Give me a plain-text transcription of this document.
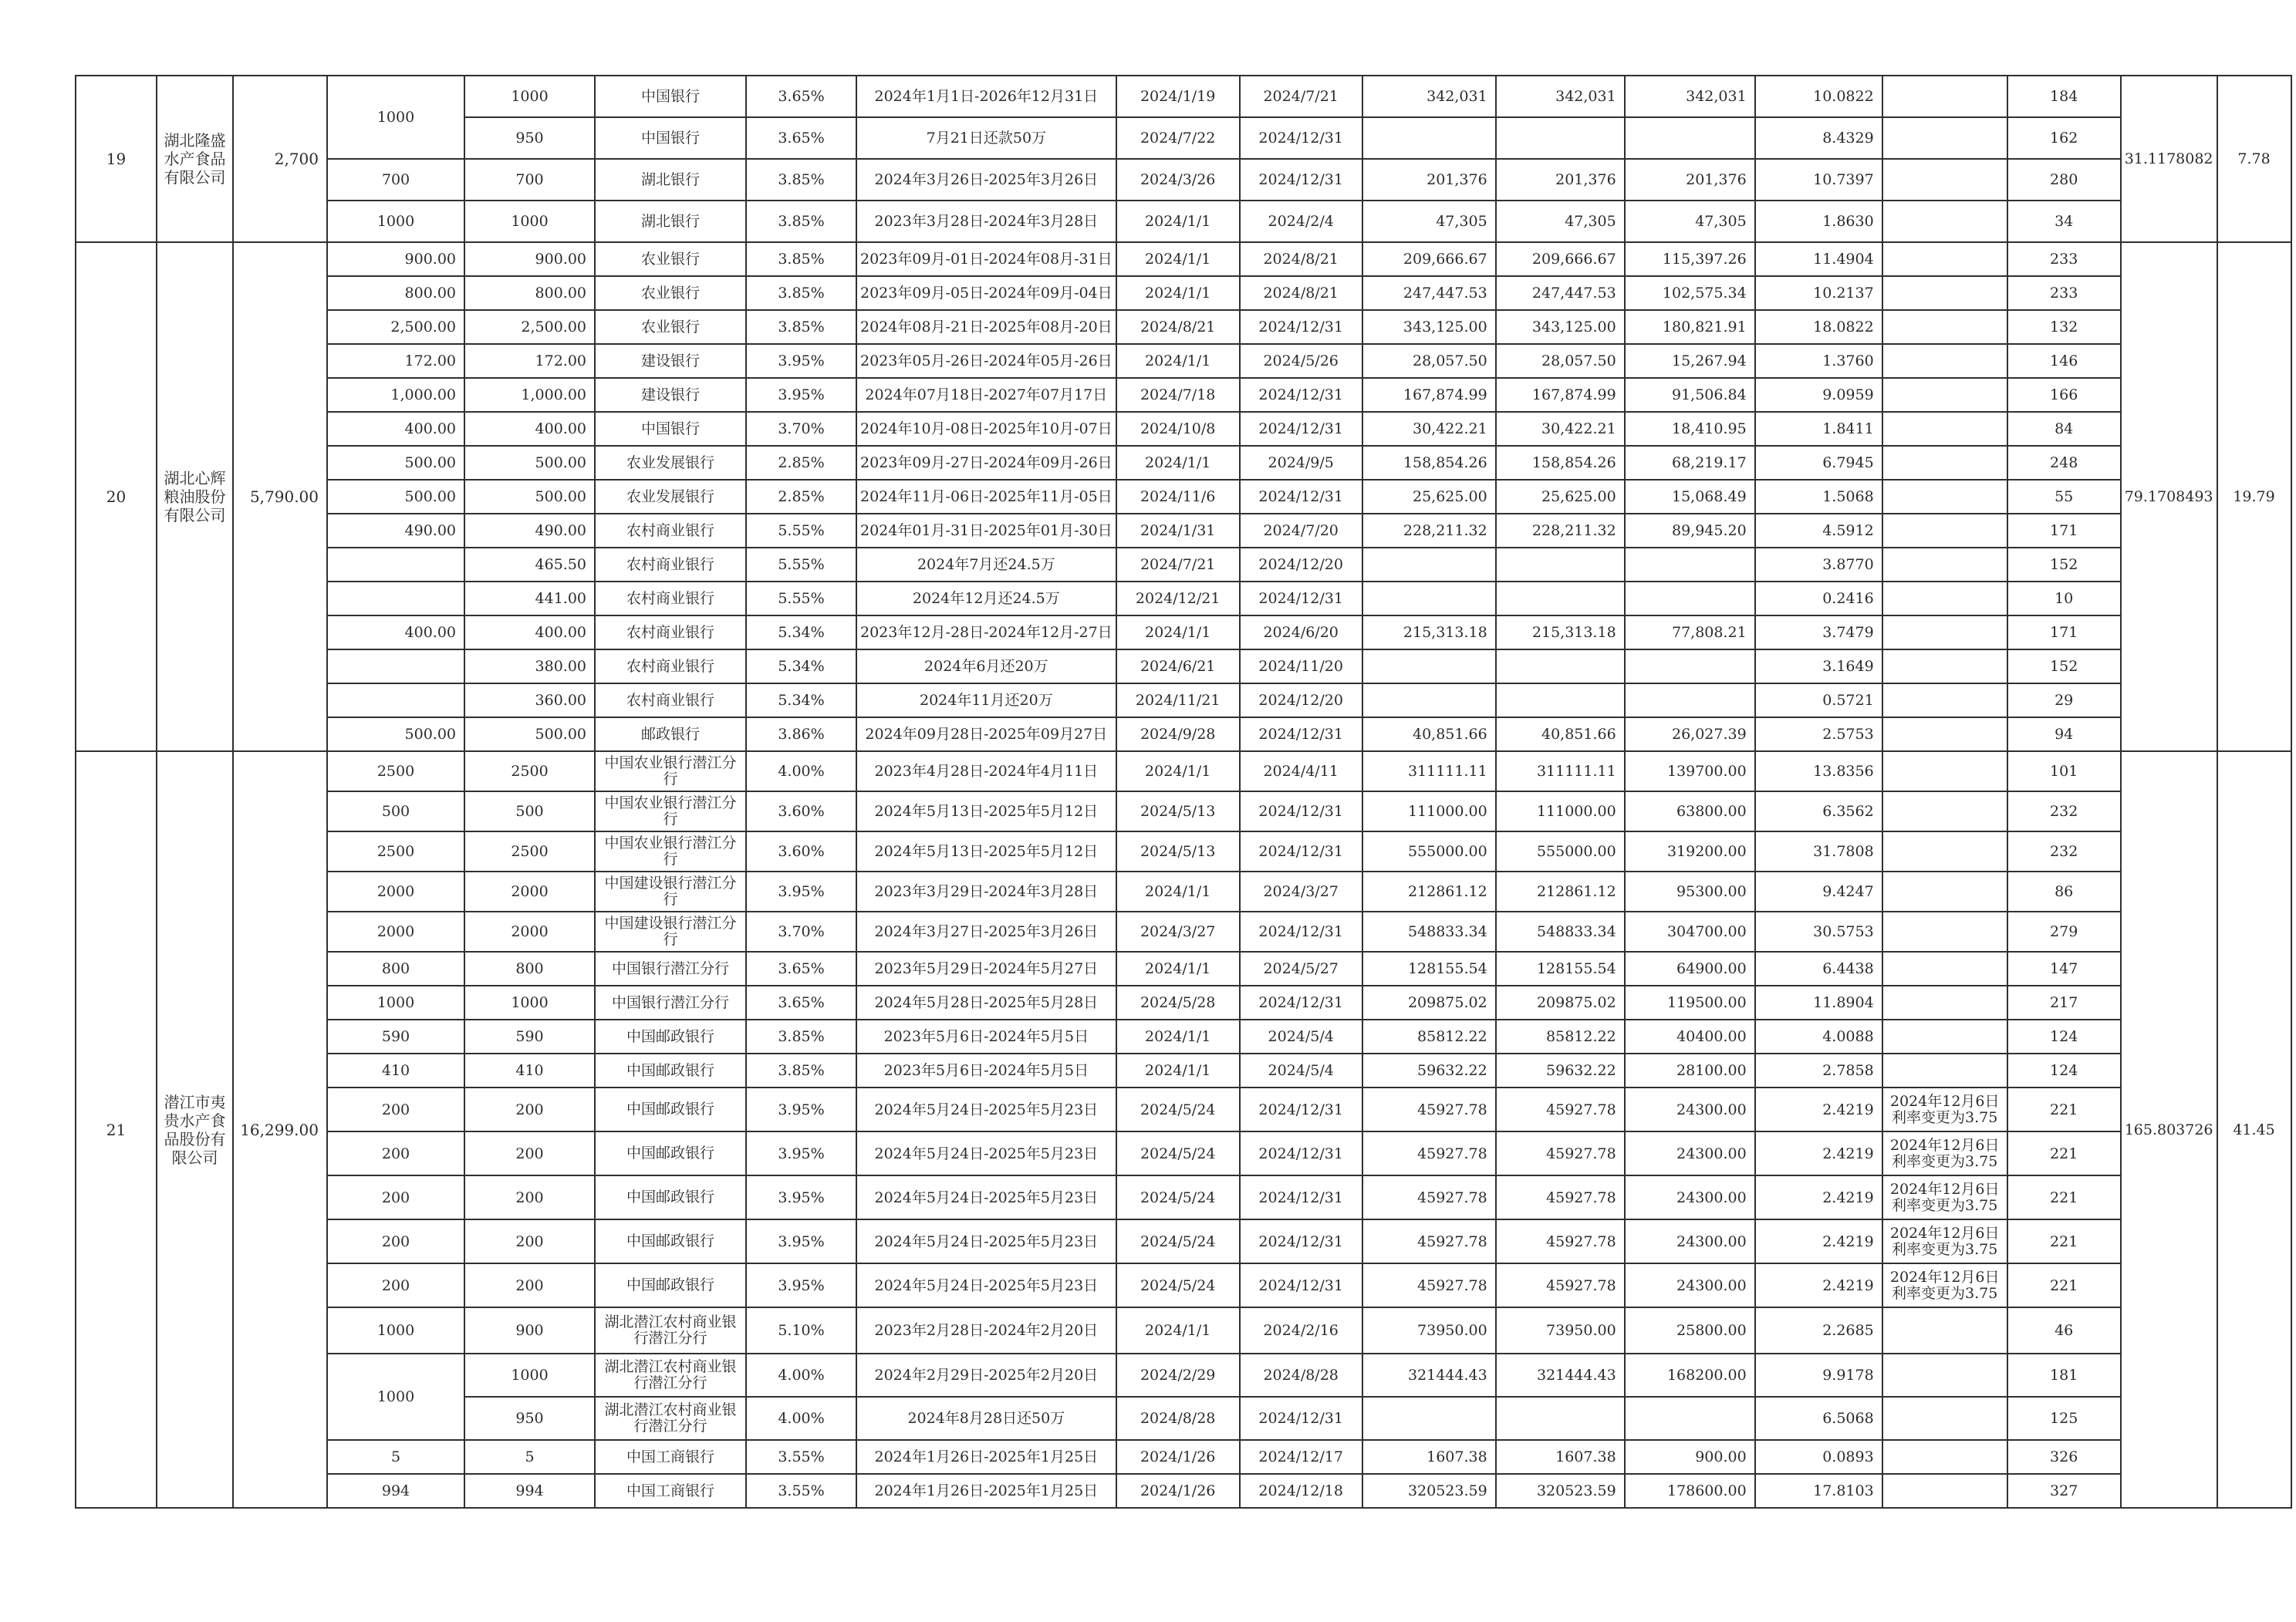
19	湖北隆盛水产食品有限公司	2,700	1000	1000	中国银行	3.65%	2024年1月1日-2026年12月31日	2024/1/19	2024/7/21	342,031	342,031	342,031	10.0822		184	31.1178082	7.78
				950	中国银行	3.65%	7月21日还款50万	2024/7/22	2024/12/31				8.4329		162		
			700	700	湖北银行	3.85%	2024年3月26日-2025年3月26日	2024/3/26	2024/12/31	201,376	201,376	201,376	10.7397		280		
			1000	1000	湖北银行	3.85%	2023年3月28日-2024年3月28日	2024/1/1	2024/2/4	47,305	47,305	47,305	1.8630		34		
20	湖北心辉粮油股份有限公司	5,790.00	900.00	900.00	农业银行	3.85%	2023年09月-01日-2024年08月-31日	2024/1/1	2024/8/21	209,666.67	209,666.67	115,397.26	11.4904		233	79.1708493	19.79
			800.00	800.00	农业银行	3.85%	2023年09月-05日-2024年09月-04日	2024/1/1	2024/8/21	247,447.53	247,447.53	102,575.34	10.2137		233		
			2,500.00	2,500.00	农业银行	3.85%	2024年08月-21日-2025年08月-20日	2024/8/21	2024/12/31	343,125.00	343,125.00	180,821.91	18.0822		132		
			172.00	172.00	建设银行	3.95%	2023年05月-26日-2024年05月-26日	2024/1/1	2024/5/26	28,057.50	28,057.50	15,267.94	1.3760		146		
			1,000.00	1,000.00	建设银行	3.95%	2024年07月18日-2027年07月17日	2024/7/18	2024/12/31	167,874.99	167,874.99	91,506.84	9.0959		166		
			400.00	400.00	中国银行	3.70%	2024年10月-08日-2025年10月-07日	2024/10/8	2024/12/31	30,422.21	30,422.21	18,410.95	1.8411		84		
			500.00	500.00	农业发展银行	2.85%	2023年09月-27日-2024年09月-26日	2024/1/1	2024/9/5	158,854.26	158,854.26	68,219.17	6.7945		248		
			500.00	500.00	农业发展银行	2.85%	2024年11月-06日-2025年11月-05日	2024/11/6	2024/12/31	25,625.00	25,625.00	15,068.49	1.5068		55		
			490.00	490.00	农村商业银行	5.55%	2024年01月-31日-2025年01月-30日	2024/1/31	2024/7/20	228,211.32	228,211.32	89,945.20	4.5912		171		
				465.50	农村商业银行	5.55%	2024年7月还24.5万	2024/7/21	2024/12/20				3.8770		152		
				441.00	农村商业银行	5.55%	2024年12月还24.5万	2024/12/21	2024/12/31				0.2416		10		
			400.00	400.00	农村商业银行	5.34%	2023年12月-28日-2024年12月-27日	2024/1/1	2024/6/20	215,313.18	215,313.18	77,808.21	3.7479		171		
				380.00	农村商业银行	5.34%	2024年6月还20万	2024/6/21	2024/11/20				3.1649		152		
				360.00	农村商业银行	5.34%	2024年11月还20万	2024/11/21	2024/12/20				0.5721		29		
			500.00	500.00	邮政银行	3.86%	2024年09月28日-2025年09月27日	2024/9/28	2024/12/31	40,851.66	40,851.66	26,027.39	2.5753		94		
21	潜江市夷贵水产食品股份有限公司	16,299.00	2500	2500	中国农业银行潜江分行	4.00%	2023年4月28日-2024年4月11日	2024/1/1	2024/4/11	311111.11	311111.11	139700.00	13.8356		101	165.803726	41.45
			500	500	中国农业银行潜江分行	3.60%	2024年5月13日-2025年5月12日	2024/5/13	2024/12/31	111000.00	111000.00	63800.00	6.3562		232		
			2500	2500	中国农业银行潜江分行	3.60%	2024年5月13日-2025年5月12日	2024/5/13	2024/12/31	555000.00	555000.00	319200.00	31.7808		232		
			2000	2000	中国建设银行潜江分行	3.95%	2023年3月29日-2024年3月28日	2024/1/1	2024/3/27	212861.12	212861.12	95300.00	9.4247		86		
			2000	2000	中国建设银行潜江分行	3.70%	2024年3月27日-2025年3月26日	2024/3/27	2024/12/31	548833.34	548833.34	304700.00	30.5753		279		
			800	800	中国银行潜江分行	3.65%	2023年5月29日-2024年5月27日	2024/1/1	2024/5/27	128155.54	128155.54	64900.00	6.4438		147		
			1000	1000	中国银行潜江分行	3.65%	2024年5月28日-2025年5月28日	2024/5/28	2024/12/31	209875.02	209875.02	119500.00	11.8904		217		
			590	590	中国邮政银行	3.85%	2023年5月6日-2024年5月5日	2024/1/1	2024/5/4	85812.22	85812.22	40400.00	4.0088		124		
			410	410	中国邮政银行	3.85%	2023年5月6日-2024年5月5日	2024/1/1	2024/5/4	59632.22	59632.22	28100.00	2.7858		124		
			200	200	中国邮政银行	3.95%	2024年5月24日-2025年5月23日	2024/5/24	2024/12/31	45927.78	45927.78	24300.00	2.4219	2024年12月6日利率变更为3.75	221		
			200	200	中国邮政银行	3.95%	2024年5月24日-2025年5月23日	2024/5/24	2024/12/31	45927.78	45927.78	24300.00	2.4219	2024年12月6日利率变更为3.75	221		
			200	200	中国邮政银行	3.95%	2024年5月24日-2025年5月23日	2024/5/24	2024/12/31	45927.78	45927.78	24300.00	2.4219	2024年12月6日利率变更为3.75	221		
			200	200	中国邮政银行	3.95%	2024年5月24日-2025年5月23日	2024/5/24	2024/12/31	45927.78	45927.78	24300.00	2.4219	2024年12月6日利率变更为3.75	221		
			200	200	中国邮政银行	3.95%	2024年5月24日-2025年5月23日	2024/5/24	2024/12/31	45927.78	45927.78	24300.00	2.4219	2024年12月6日利率变更为3.75	221		
			1000	900	湖北潜江农村商业银行潜江分行	5.10%	2023年2月28日-2024年2月20日	2024/1/1	2024/2/16	73950.00	73950.00	25800.00	2.2685		46		
			1000	1000	湖北潜江农村商业银行潜江分行	4.00%	2024年2月29日-2025年2月20日	2024/2/29	2024/8/28	321444.43	321444.43	168200.00	9.9178		181		
				950	湖北潜江农村商业银行潜江分行	4.00%	2024年8月28日还50万	2024/8/28	2024/12/31				6.5068		125		
			5	5	中国工商银行	3.55%	2024年1月26日-2025年1月25日	2024/1/26	2024/12/17	1607.38	1607.38	900.00	0.0893		326		
			994	994	中国工商银行	3.55%	2024年1月26日-2025年1月25日	2024/1/26	2024/12/18	320523.59	320523.59	178600.00	17.8103		327		
